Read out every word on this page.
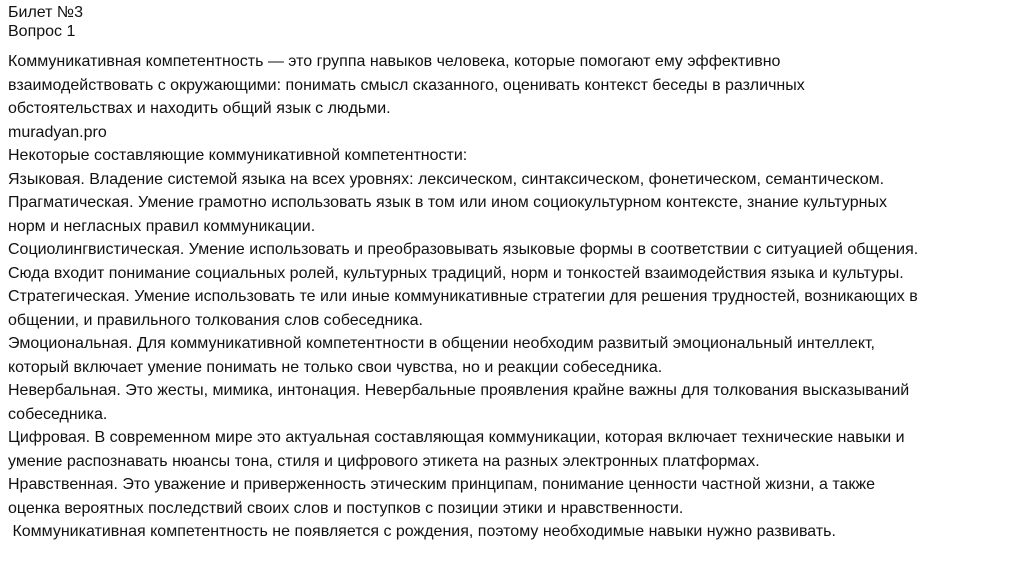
Билет №3
Вопрос 1
Коммуникативная компетентность — это группа навыков человека, которые помогают ему эффективно
взаимодействовать с окружающими: понимать смысл сказанного, оценивать контекст беседы в различных
обстоятельствах и находить общий язык с людьми.
muradyan.pro
Некоторые составляющие коммуникативной компетентности:
Языковая. Владение системой языка на всех уровнях: лексическом, синтаксическом, фонетическом, семантическом.
Прагматическая. Умение грамотно использовать язык в том или ином социокультурном контексте, знание культурных
норм и негласных правил коммуникации.
Социолингвистическая. Умение использовать и преобразовывать языковые формы в соответствии с ситуацией общения.
Сюда входит понимание социальных ролей, культурных традиций, норм и тонкостей взаимодействия языка и культуры.
Стратегическая. Умение использовать те или иные коммуникативные стратегии для решения трудностей, возникающих в
общении, и правильного толкования слов собеседника.
Эмоциональная. Для коммуникативной компетентности в общении необходим развитый эмоциональный интеллект,
который включает умение понимать не только свои чувства, но и реакции собеседника.
Невербальная. Это жесты, мимика, интонация. Невербальные проявления крайне важны для толкования высказываний
собеседника.
Цифровая. В современном мире это актуальная составляющая коммуникации, которая включает технические навыки и
умение распознавать нюансы тона, стиля и цифрового этикета на разных электронных платформах.
Нравственная. Это уважение и приверженность этическим принципам, понимание ценности частной жизни, а также
оценка вероятных последствий своих слов и поступков с позиции этики и нравственности.
Коммуникативная компетентность не появляется с рождения, поэтому необходимые навыки нужно развивать.
